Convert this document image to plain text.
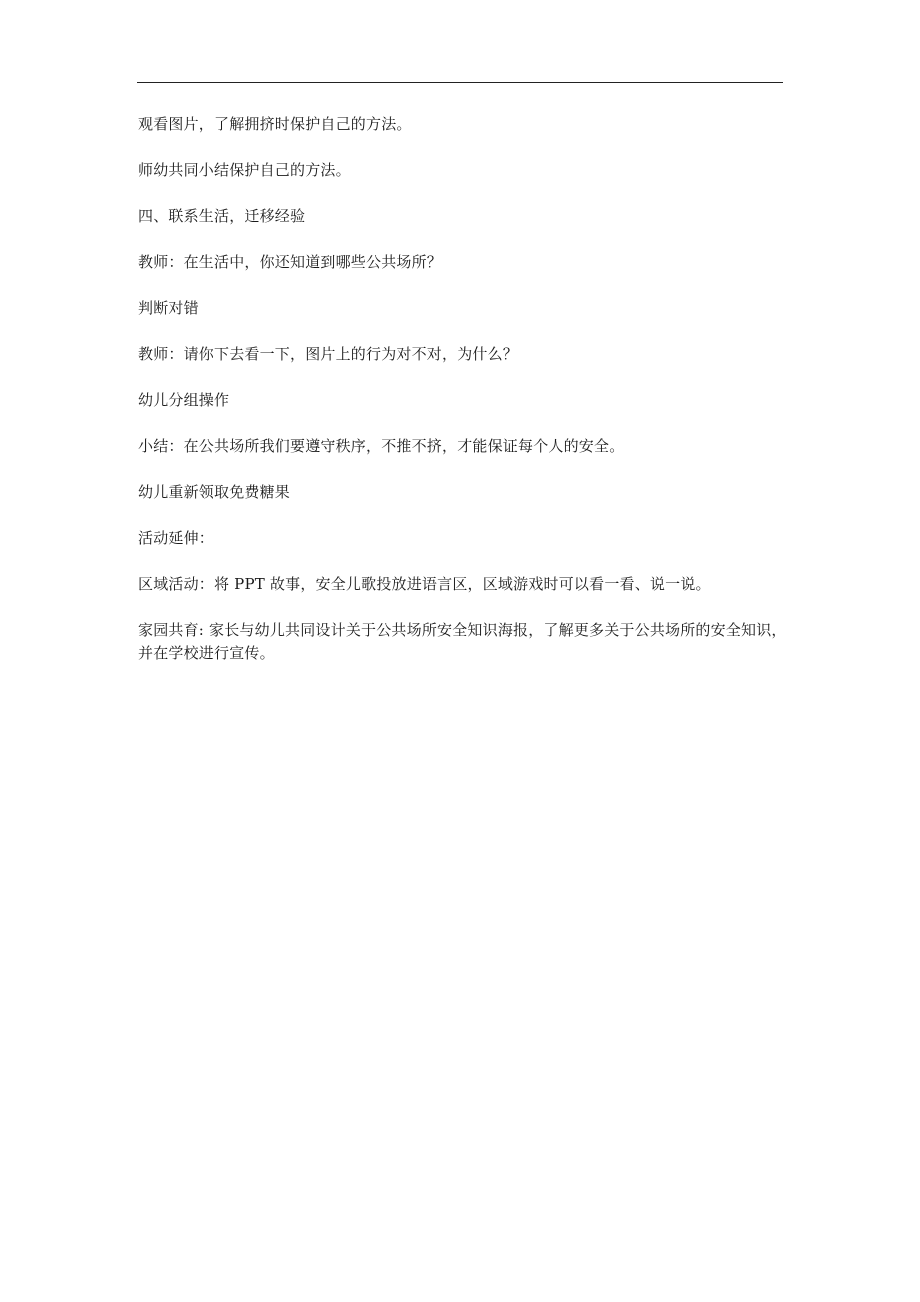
观看图片，了解拥挤时保护自己的方法。

师幼共同小结保护自己的方法。

四、联系生活，迁移经验

教师：在生活中，你还知道到哪些公共场所？

判断对错

教师：请你下去看一下，图片上的行为对不对，为什么？

幼儿分组操作

小结：在公共场所我们要遵守秩序，不推不挤，才能保证每个人的安全。

幼儿重新领取免费糖果

活动延伸：

区域活动：将 PPT 故事，安全儿歌投放进语言区，区域游戏时可以看一看、说一说。

家园共育: 家长与幼儿共同设计关于公共场所安全知识海报，了解更多关于公共场所的安全知识，并在学校进行宣传。
